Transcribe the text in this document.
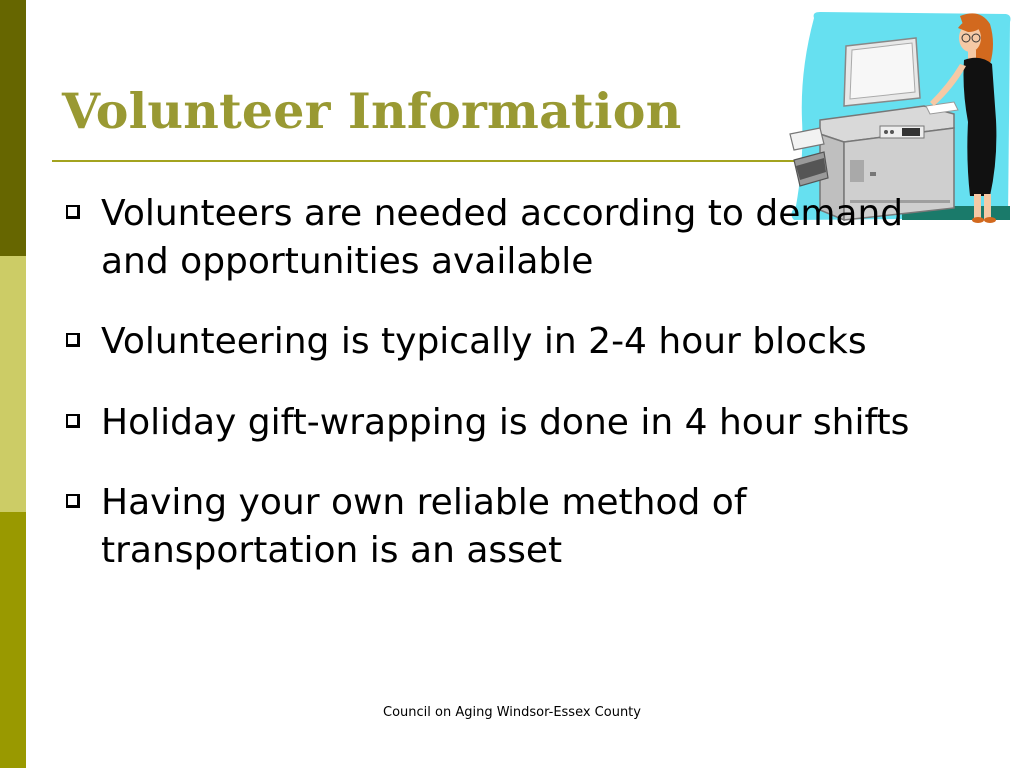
Volunteer Information
Volunteers are needed according to demand and opportunities available
Volunteering is typically in 2-4 hour blocks
Holiday gift-wrapping is done in 4 hour shifts
Having your own reliable method of transportation is an asset
Council on Aging Windsor-Essex County
